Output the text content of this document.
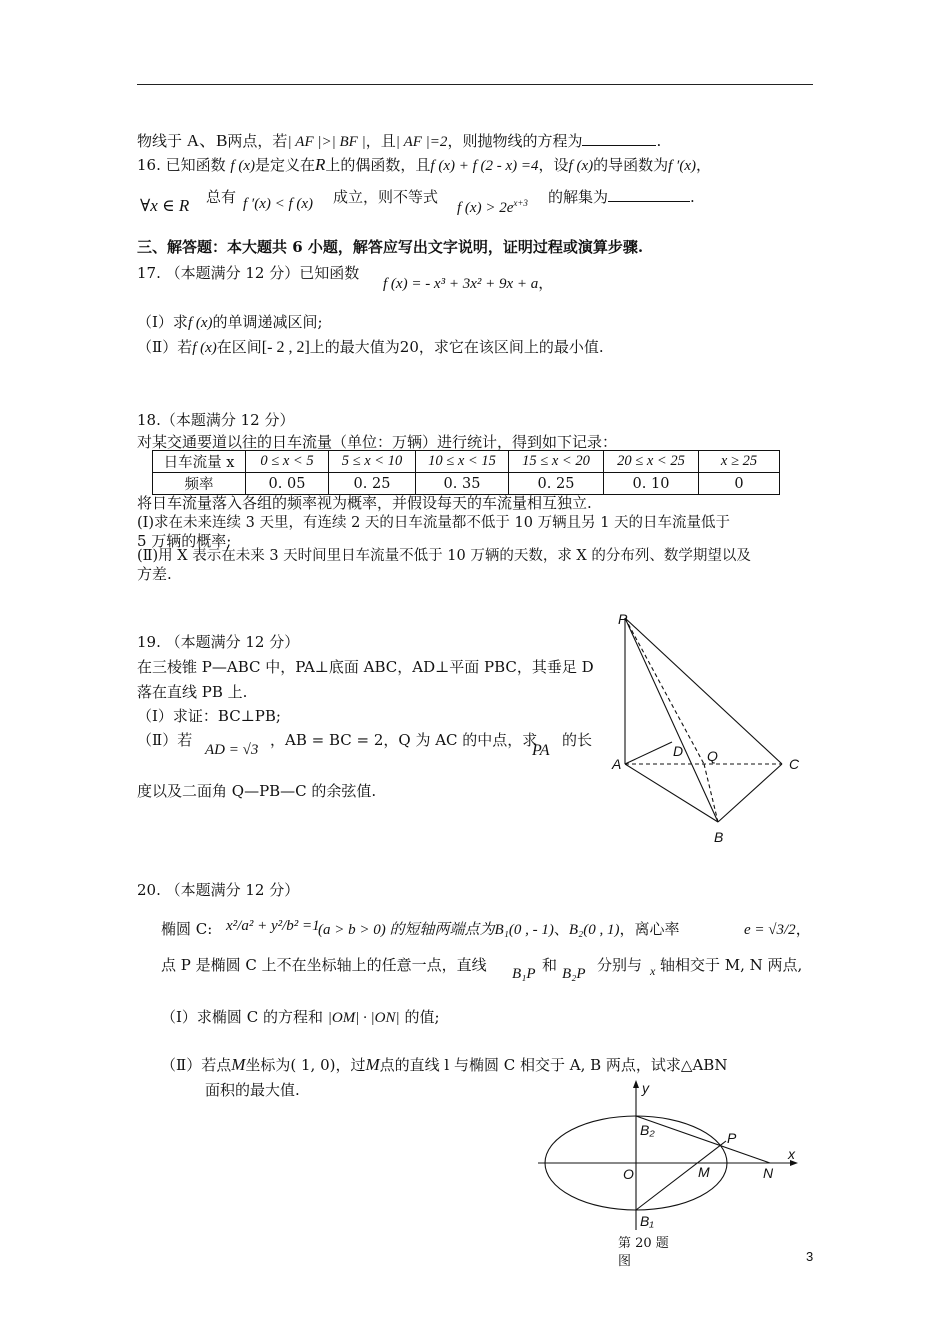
物线于 A、B两点，若| AF |>| BF |，且| AF |=2，则抛物线的方程为	.
16. 已知函数 f (x)是定义在R上的偶函数，且f (x) + f (2 - x) =4，设f (x)的导函数为f ′(x)，
∀x ∈ R 总有 f ′(x) < f (x) 成立，则不等式
f $(x) > 2e^{x+3}$ 的解集为	.
三、解答题：本大题共 6 小题，解答应写出文字说明，证明过程或演算步骤.
17. （本题满分 12 分）已知函数
f (x) = - x³ + 3x² + 9x + a，
（Ⅰ）求f (x)的单调递减区间;
（Ⅱ）若f (x)在区间[- 2 , 2]上的最大值为20，求它在该区间上的最小值.
18.（本题满分 12 分）
对某交通要道以往的日车流量（单位：万辆）进行统计，得到如下记录：
日车流量 x	0 ≤ x < 5	5 ≤ x < 10	10 ≤ x < 15	15 ≤ x < 20	20 ≤ x < 25	x ≥ 25
频率	0. 05	0. 25	0. 35	0. 25	0. 10	0
将日车流量落入各组的频率视为概率，并假设每天的车流量相互独立.
(Ⅰ)求在未来连续 3 天里，有连续 2 天的日车流量都不低于 10 万辆且另 1 天的日车流量低于
5 万辆的概率;
(Ⅱ)用 X 表示在未来 3 天时间里日车流量不低于 10 万辆的天数，求 X 的分布列、数学期望以及
方差.
19. （本题满分 12 分）
在三棱锥 P—ABC 中，PA⊥底面 ABC，AD⊥平面 PBC，其垂足 D
落在直线 PB 上.
（Ⅰ）求证：BC⊥PB;
（Ⅱ）若
AD = √3
，AB = BC = 2，Q 为 AC 的中点，求
PA
的长
度以及二面角 Q—PB—C 的余弦值.
P
A
B
C
D Q
20. （本题满分 12 分）
椭圆 C: x²/a² + y²/b² =1
(a > b > 0) 的短轴两端点为B₁(0 , - 1)、B₂(0 , 1)，离心率	e = √3/2，
点 P 是椭圆 C 上不在坐标轴上的任意一点，直线 B₁P 和 B₂P 分别与 x 轴相交于 M, N 两点,
（Ⅰ）求椭圆 C 的方程和 |OM| · |ON| 的值;
（Ⅱ）若点M坐标为( 1, 0)，过M点的直线 l 与椭圆 C 相交于 A, B 两点，试求△ABN
面积的最大值.	y
x
B₂
B₁
P
O	M	N
第 20 题
图	3
